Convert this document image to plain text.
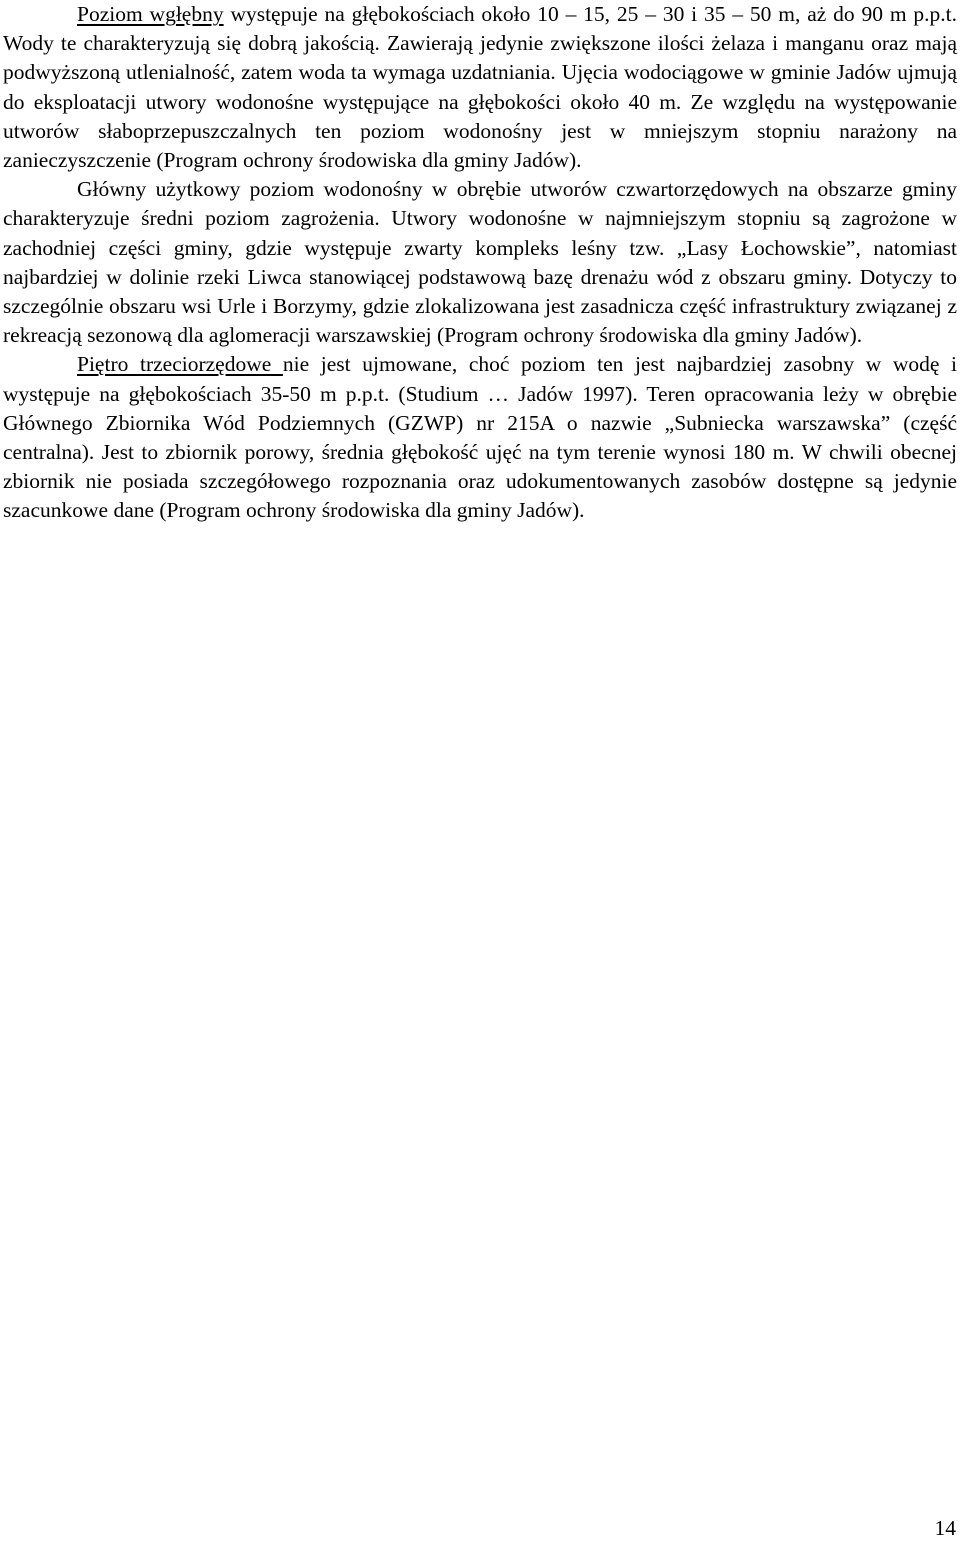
Poziom wgłębny występuje na głębokościach około 10 – 15, 25 – 30 i 35 – 50 m, aż do 90 m p.p.t. Wody te charakteryzują się dobrą jakością. Zawierają jedynie zwiększone ilości żelaza i manganu oraz mają podwyższoną utlenialność, zatem woda ta wymaga uzdatniania. Ujęcia wodociągowe w gminie Jadów ujmują do eksploatacji utwory wodonośne występujące na głębokości około 40 m. Ze względu na występowanie utworów słaboprzepuszczalnych ten poziom wodonośny jest w mniejszym stopniu narażony na zanieczyszczenie (Program ochrony środowiska dla gminy Jadów).

Główny użytkowy poziom wodonośny w obrębie utworów czwartorzędowych na obszarze gminy charakteryzuje średni poziom zagrożenia. Utwory wodonośne w najmniejszym stopniu są zagrożone w zachodniej części gminy, gdzie występuje zwarty kompleks leśny tzw. „Lasy Łochowskie”, natomiast najbardziej w dolinie rzeki Liwca stanowiącej podstawową bazę drenażu wód z obszaru gminy. Dotyczy to szczególnie obszaru wsi Urle i Borzymy, gdzie zlokalizowana jest zasadnicza część infrastruktury związanej z rekreacją sezonową dla aglomeracji warszawskiej (Program ochrony środowiska dla gminy Jadów).

Piętro trzeciorzędowe nie jest ujmowane, choć poziom ten jest najbardziej zasobny w wodę i występuje na głębokościach 35-50 m p.p.t. (Studium … Jadów 1997). Teren opracowania leży w obrębie Głównego Zbiornika Wód Podziemnych (GZWP) nr 215A o nazwie „Subniecka warszawska” (część centralna). Jest to zbiornik porowy, średnia głębokość ujęć na tym terenie wynosi 180 m. W chwili obecnej zbiornik nie posiada szczegółowego rozpoznania oraz udokumentowanych zasobów dostępne są jedynie szacunkowe dane (Program ochrony środowiska dla gminy Jadów).

14
